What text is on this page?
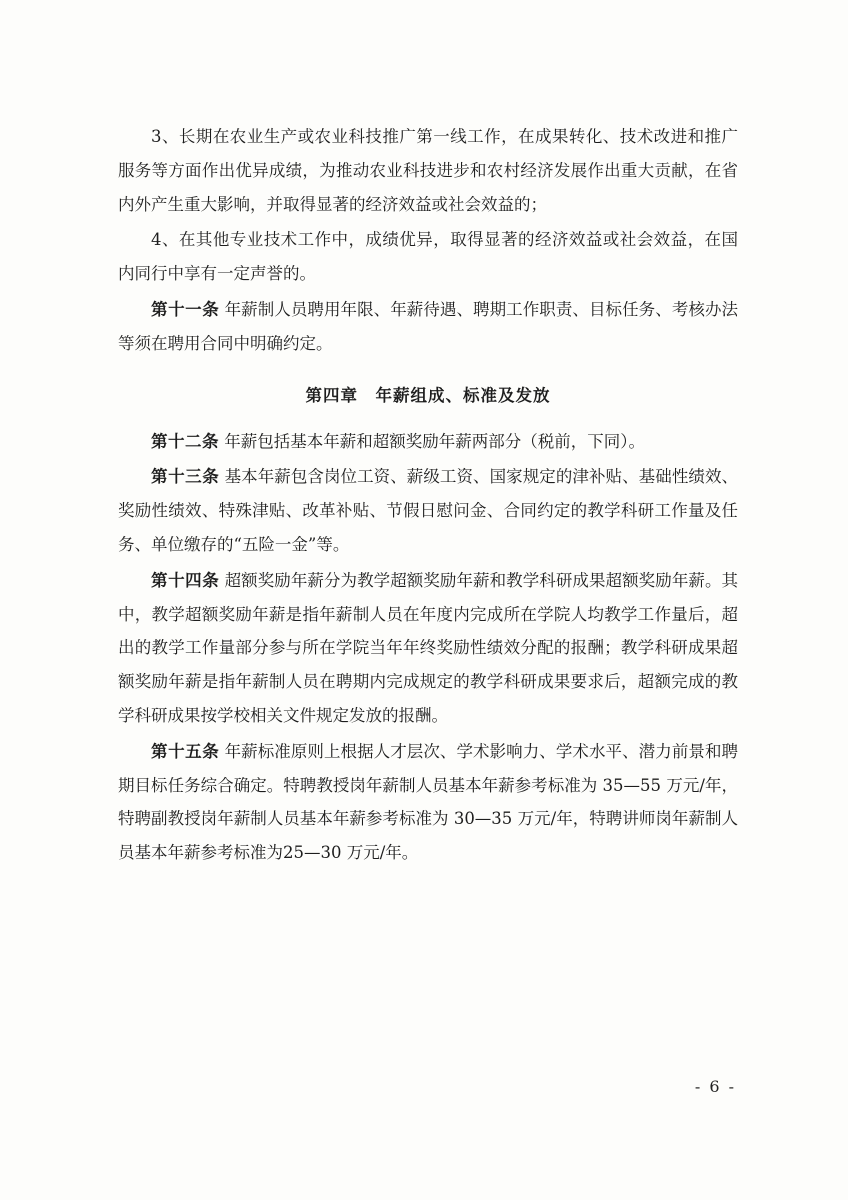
3、长期在农业生产或农业科技推广第一线工作，在成果转化、技术改进和推广服务等方面作出优异成绩，为推动农业科技进步和农村经济发展作出重大贡献，在省内外产生重大影响，并取得显著的经济效益或社会效益的；

4、在其他专业技术工作中，成绩优异，取得显著的经济效益或社会效益，在国内同行中享有一定声誉的。

第十一条 年薪制人员聘用年限、年薪待遇、聘期工作职责、目标任务、考核办法等须在聘用合同中明确约定。

第四章　年薪组成、标准及发放

第十二条 年薪包括基本年薪和超额奖励年薪两部分（税前，下同）。

第十三条 基本年薪包含岗位工资、薪级工资、国家规定的津补贴、基础性绩效、奖励性绩效、特殊津贴、改革补贴、节假日慰问金、合同约定的教学科研工作量及任务、单位缴存的“五险一金”等。

第十四条 超额奖励年薪分为教学超额奖励年薪和教学科研成果超额奖励年薪。其中，教学超额奖励年薪是指年薪制人员在年度内完成所在学院人均教学工作量后，超出的教学工作量部分参与所在学院当年年终奖励性绩效分配的报酬；教学科研成果超额奖励年薪是指年薪制人员在聘期内完成规定的教学科研成果要求后，超额完成的教学科研成果按学校相关文件规定发放的报酬。

第十五条 年薪标准原则上根据人才层次、学术影响力、学术水平、潜力前景和聘期目标任务综合确定。特聘教授岗年薪制人员基本年薪参考标准为 35—55 万元/年，特聘副教授岗年薪制人员基本年薪参考标准为 30—35 万元/年，特聘讲师岗年薪制人员基本年薪参考标准为25—30 万元/年。

- 6 -
